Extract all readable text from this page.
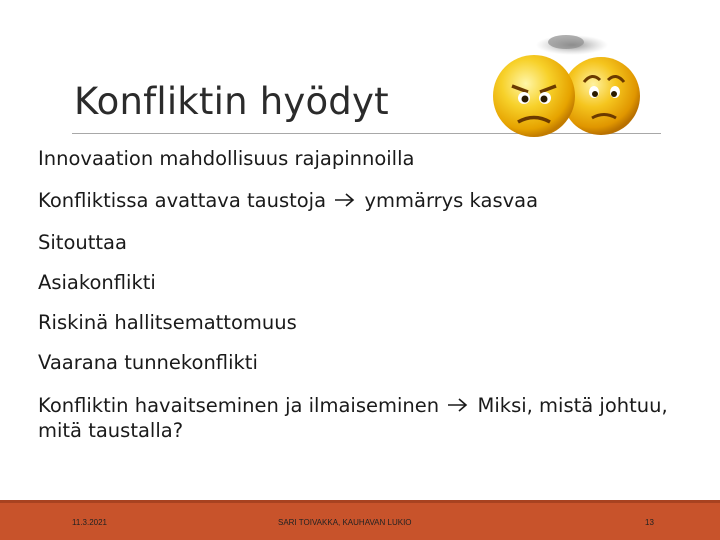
Konfliktin hyödyt
Innovaation mahdollisuus rajapinnoilla
Konfliktissa avattava taustoja ymmärrys kasvaa
Sitouttaa
Asiakonflikti
Riskinä hallitsemattomuus
Vaarana tunnekonflikti
Konfliktin havaitseminen ja ilmaiseminen Miksi, mistä johtuu, mitä taustalla?
11.3.2021	SARI TOIVAKKA, KAUHAVAN LUKIO	13
